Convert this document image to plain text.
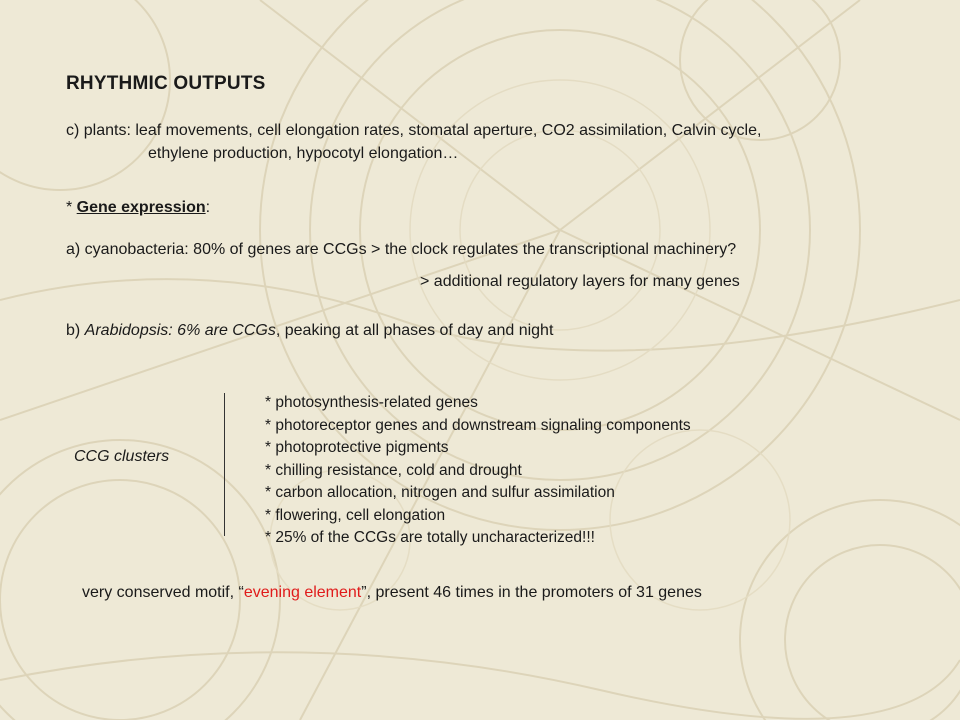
RHYTHMIC OUTPUTS
c) plants: leaf movements, cell elongation rates, stomatal aperture, CO2 assimilation, Calvin cycle,
ethylene production, hypocotyl elongation…
* Gene expression:
a) cyanobacteria: 80% of genes are CCGs > the clock regulates the transcriptional machinery?
> additional regulatory layers for many genes
b) Arabidopsis: 6% are CCGs, peaking at all phases of day and night
CCG clusters
* photosynthesis-related genes
* photoreceptor genes and downstream signaling components
* photoprotective pigments
* chilling resistance, cold and drought
* carbon allocation, nitrogen and sulfur assimilation
* flowering, cell elongation
* 25% of the CCGs are totally uncharacterized!!!
very conserved motif, “evening element”, present 46 times in the promoters of 31 genes
